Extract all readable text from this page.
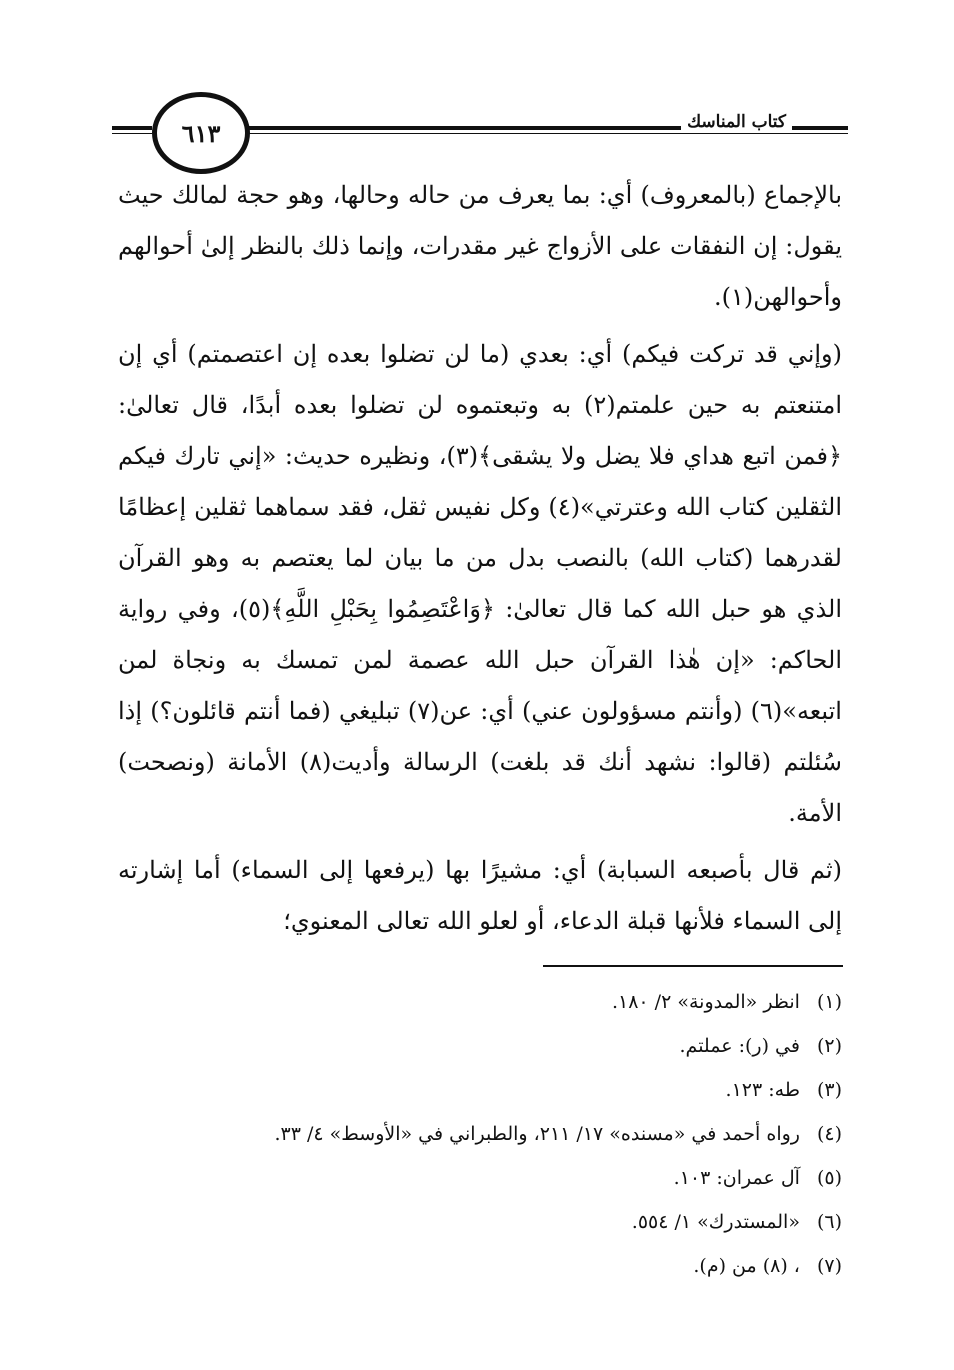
٦١٣	كتاب المناسك

بالإجماع (بالمعروف) أي: بما يعرف من حاله وحالها، وهو حجة لمالك حيث يقول: إن النفقات على الأزواج غير مقدرات، وإنما ذلك بالنظر إلىٰ أحوالهم وأحوالهن(١).

(وإني قد تركت فيكم) أي: بعدي (ما لن تضلوا بعده إن اعتصمتم) أي إن امتنعتم به حين علمتم(٢) به وتبعتموه لن تضلوا بعده أبدًا، قال تعالىٰ: ﴿فمن اتبع هداي فلا يضل ولا يشقى﴾(٣)، ونظيره حديث: «إني تارك فيكم الثقلين كتاب الله وعترتي»(٤) وكل نفيس ثقل، فقد سماهما ثقلين إعظامًا لقدرهما (كتاب الله) بالنصب بدل من ما بيان لما يعتصم به وهو القرآن الذي هو حبل الله كما قال تعالىٰ: ﴿وَاعْتَصِمُوا بِحَبْلِ اللَّهِ﴾(٥)، وفي رواية الحاكم: «إن هٰذا القرآن حبل الله عصمة لمن تمسك به ونجاة لمن اتبعه»(٦) (وأنتم مسؤولون عني) أي: عن(٧) تبليغي (فما أنتم قائلون؟) إذا سُئلتم (قالوا: نشهد أنك قد بلغت) الرسالة وأديت(٨) الأمانة (ونصحت) الأمة.

(ثم قال بأصبعه السبابة) أي: مشيرًا بها (يرفعها إلى السماء) أما إشارته إلى السماء فلأنها قبلة الدعاء، أو لعلو الله تعالى المعنوي؛

(١) انظر «المدونة» ٢/ ١٨٠.
(٢) في (ر): عملتم.
(٣) طه: ١٢٣.
(٤) رواه أحمد في «مسنده» ١٧/ ٢١١، والطبراني في «الأوسط» ٤/ ٣٣.
(٥) آل عمران: ١٠٣.
(٦) «المستدرك» ١/ ٥٥٤.
(٧) ، (٨) من (م).
